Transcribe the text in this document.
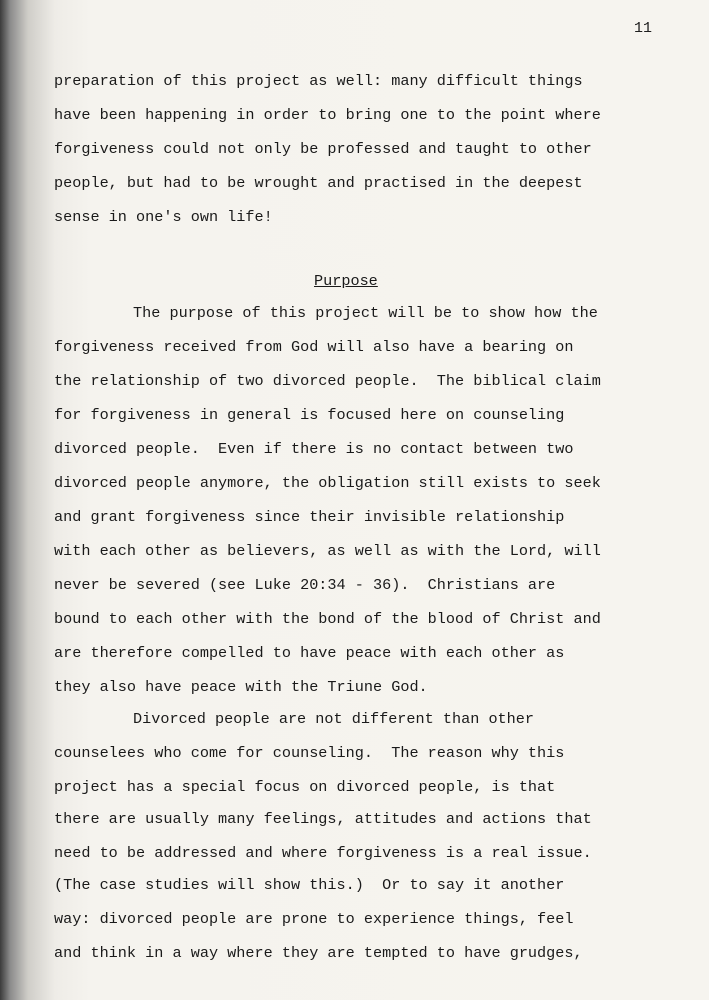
11
preparation of this project as well: many difficult things
have been happening in order to bring one to the point where
forgiveness could not only be professed and taught to other
people, but had to be wrought and practised in the deepest
sense in one's own life!
Purpose
The purpose of this project will be to show how the
forgiveness received from God will also have a bearing on
the relationship of two divorced people.  The biblical claim
for forgiveness in general is focused here on counseling
divorced people.  Even if there is no contact between two
divorced people anymore, the obligation still exists to seek
and grant forgiveness since their invisible relationship
with each other as believers, as well as with the Lord, will
never be severed (see Luke 20:34 - 36).  Christians are
bound to each other with the bond of the blood of Christ and
are therefore compelled to have peace with each other as
they also have peace with the Triune God.
Divorced people are not different than other
counselees who come for counseling.  The reason why this
project has a special focus on divorced people, is that
there are usually many feelings, attitudes and actions that
need to be addressed and where forgiveness is a real issue.
(The case studies will show this.)  Or to say it another
way: divorced people are prone to experience things, feel
and think in a way where they are tempted to have grudges,
